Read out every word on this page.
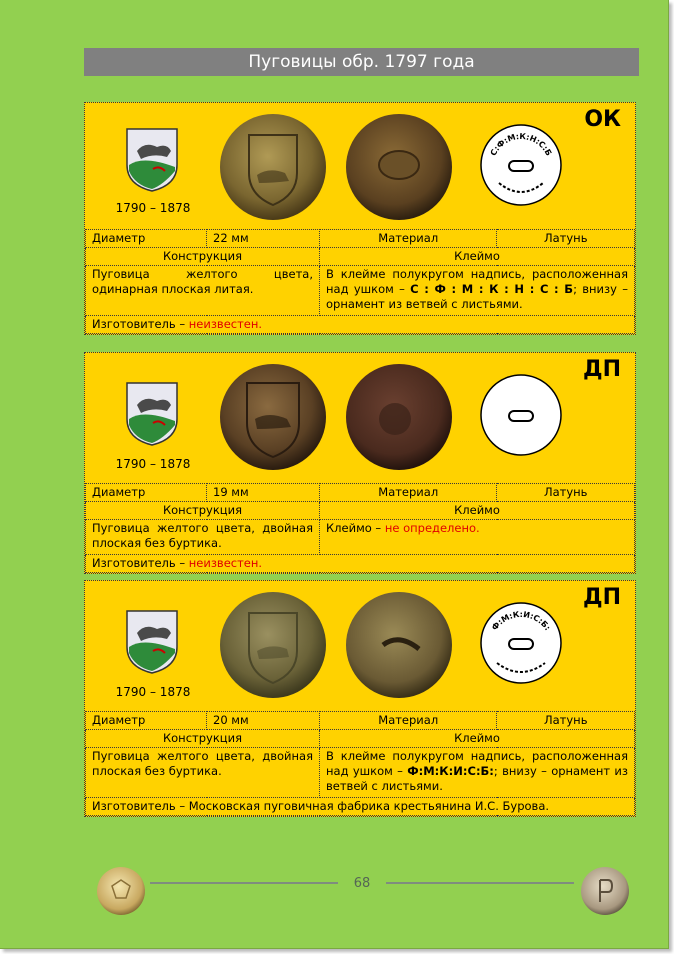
Пуговицы обр. 1797 года
1790 – 1878
С:Ф:М:К:Н:С:Б
ОК
Диаметр	22 мм	Материал	Латунь
Конструкция		Клеймо	
Пуговица желтого цвета, одинарная плоская литая.		В клейме полукругом надпись, расположенная над ушком – С : Ф : М : К : Н : С : Б; внизу – орнамент из ветвей с листьями.	
Изготовитель – неизвестен.			
1790 – 1878
ДП
Диаметр	19 мм	Материал	Латунь
Конструкция		Клеймо	
Пуговица желтого цвета, двойная плоская без буртика.		Клеймо – не определено.	
Изготовитель – неизвестен.			
1790 – 1878
Ф:М:К:И:С:Б:
ДП
Диаметр	20 мм	Материал	Латунь
Конструкция		Клеймо	
Пуговица желтого цвета, двойная плоская без буртика.		В клейме полукругом надпись, расположенная над ушком – Ф:М:К:И:С:Б:; внизу – орнамент из ветвей с листьями.	
Изготовитель – Московская пуговичная фабрика крестьянина И.С. Бурова.			
68
